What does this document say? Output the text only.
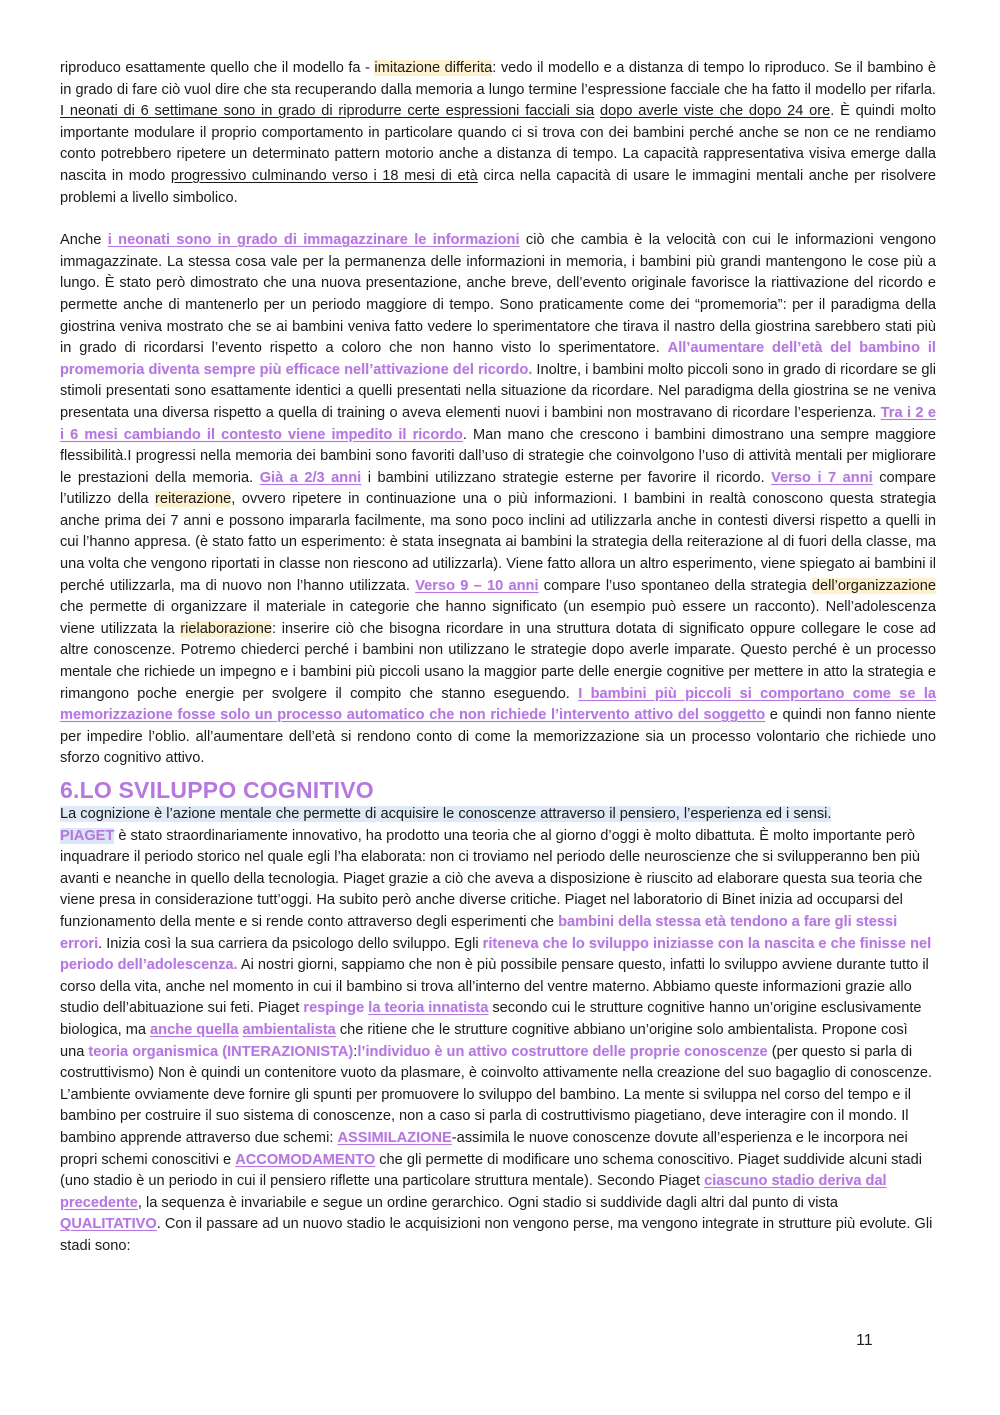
riproduco esattamente quello che il modello fa - imitazione differita: vedo il modello e a distanza di tempo lo riproduco. Se il bambino è in grado di fare ciò vuol dire che sta recuperando dalla memoria a lungo termine l’espressione facciale che ha fatto il modello per rifarla. I neonati di 6 settimane sono in grado di riprodurre certe espressioni facciali sia dopo averle viste che dopo 24 ore. È quindi molto importante modulare il proprio comportamento in particolare quando ci si trova con dei bambini perché anche se non ce ne rendiamo conto potrebbero ripetere un determinato pattern motorio anche a distanza di tempo. La capacità rappresentativa visiva emerge dalla nascita in modo progressivo culminando verso i 18 mesi di età circa nella capacità di usare le immagini mentali anche per risolvere problemi a livello simbolico.

Anche i neonati sono in grado di immagazzinare le informazioni ciò che cambia è la velocità con cui le informazioni vengono immagazzinate. La stessa cosa vale per la permanenza delle informazioni in memoria, i bambini più grandi mantengono le cose più a lungo. È stato però dimostrato che una nuova presentazione, anche breve, dell’evento originale favorisce la riattivazione del ricordo e permette anche di mantenerlo per un periodo maggiore di tempo. Sono praticamente come dei “promemoria”: per il paradigma della giostrina veniva mostrato che se ai bambini veniva fatto vedere lo sperimentatore che tirava il nastro della giostrina sarebbero stati più in grado di ricordarsi l’evento rispetto a coloro che non hanno visto lo sperimentatore. All’aumentare dell’età del bambino il promemoria diventa sempre più efficace nell’attivazione del ricordo. Inoltre, i bambini molto piccoli sono in grado di ricordare se gli stimoli presentati sono esattamente identici a quelli presentati nella situazione da ricordare. Nel paradigma della giostrina se ne veniva presentata una diversa rispetto a quella di training o aveva elementi nuovi i bambini non mostravano di ricordare l’esperienza. Tra i 2 e i 6 mesi cambiando il contesto viene impedito il ricordo. Man mano che crescono i bambini dimostrano una sempre maggiore flessibilità.I progressi nella memoria dei bambini sono favoriti dall’uso di strategie che coinvolgono l’uso di attività mentali per migliorare le prestazioni della memoria. Già a 2/3 anni i bambini utilizzano strategie esterne per favorire il ricordo. Verso i 7 anni compare l’utilizzo della reiterazione, ovvero ripetere in continuazione una o più informazioni. I bambini in realtà conoscono questa strategia anche prima dei 7 anni e possono impararla facilmente, ma sono poco inclini ad utilizzarla anche in contesti diversi rispetto a quelli in cui l’hanno appresa. (è stato fatto un esperimento: è stata insegnata ai bambini la strategia della reiterazione al di fuori della classe, ma una volta che vengono riportati in classe non riescono ad utilizzarla). Viene fatto allora un altro esperimento, viene spiegato ai bambini il perché utilizzarla, ma di nuovo non l’hanno utilizzata. Verso 9 – 10 anni compare l’uso spontaneo della strategia dell’organizzazione che permette di organizzare il materiale in categorie che hanno significato (un esempio può essere un racconto). Nell’adolescenza viene utilizzata la rielaborazione: inserire ciò che bisogna ricordare in una struttura dotata di significato oppure collegare le cose ad altre conoscenze. Potremo chiederci perché i bambini non utilizzano le strategie dopo averle imparate. Questo perché è un processo mentale che richiede un impegno e i bambini più piccoli usano la maggior parte delle energie cognitive per mettere in atto la strategia e rimangono poche energie per svolgere il compito che stanno eseguendo. I bambini più piccoli si comportano come se la memorizzazione fosse solo un processo automatico che non richiede l’intervento attivo del soggetto e quindi non fanno niente per impedire l’oblio. all’aumentare dell’età si rendono conto di come la memorizzazione sia un processo volontario che richiede uno sforzo cognitivo attivo.

6.LO SVILUPPO COGNITIVO

La cognizione è l’azione mentale che permette di acquisire le conoscenze attraverso il pensiero, l’esperienza ed i sensi.

PIAGET è stato straordinariamente innovativo, ha prodotto una teoria che al giorno d’oggi è molto dibattuta. È molto importante però inquadrare il periodo storico nel quale egli l’ha elaborata: non ci troviamo nel periodo delle neuroscienze che si svilupperanno ben più avanti e neanche in quello della tecnologia. Piaget grazie a ciò che aveva a disposizione è riuscito ad elaborare questa sua teoria che viene presa in considerazione tutt’oggi. Ha subito però anche diverse critiche. Piaget nel laboratorio di Binet inizia ad occuparsi del funzionamento della mente e si rende conto attraverso degli esperimenti che bambini della stessa età tendono a fare gli stessi errori. Inizia così la sua carriera da psicologo dello sviluppo. Egli riteneva che lo sviluppo iniziasse con la nascita e che finisse nel periodo dell’adolescenza. Ai nostri giorni, sappiamo che non è più possibile pensare questo, infatti lo sviluppo avviene durante tutto il corso della vita, anche nel momento in cui il bambino si trova all’interno del ventre materno. Abbiamo queste informazioni grazie allo studio dell’abituazione sui feti. Piaget respinge la teoria innatista secondo cui le strutture cognitive hanno un’origine esclusivamente biologica, ma anche quella ambientalista che ritiene che le strutture cognitive abbiano un’origine solo ambientalista. Propone così una teoria organismica (INTERAZIONISTA):l’individuo è un attivo costruttore delle proprie conoscenze (per questo si parla di costruttivismo) Non è quindi un contenitore vuoto da plasmare, è coinvolto attivamente nella creazione del suo bagaglio di conoscenze. L’ambiente ovviamente deve fornire gli spunti per promuovere lo sviluppo del bambino. La mente si sviluppa nel corso del tempo e il bambino per costruire il suo sistema di conoscenze, non a caso si parla di costruttivismo piagetiano, deve interagire con il mondo. Il bambino apprende attraverso due schemi: ASSIMILAZIONE-assimila le nuove conoscenze dovute all’esperienza e le incorpora nei propri schemi conoscitivi e ACCOMODAMENTO che gli permette di modificare uno schema conoscitivo. Piaget suddivide alcuni stadi (uno stadio è un periodo in cui il pensiero riflette una particolare struttura mentale). Secondo Piaget ciascuno stadio deriva dal precedente, la sequenza è invariabile e segue un ordine gerarchico. Ogni stadio si suddivide dagli altri dal punto di vista QUALITATIVO. Con il passare ad un nuovo stadio le acquisizioni non vengono perse, ma vengono integrate in strutture più evolute. Gli stadi sono:

11
